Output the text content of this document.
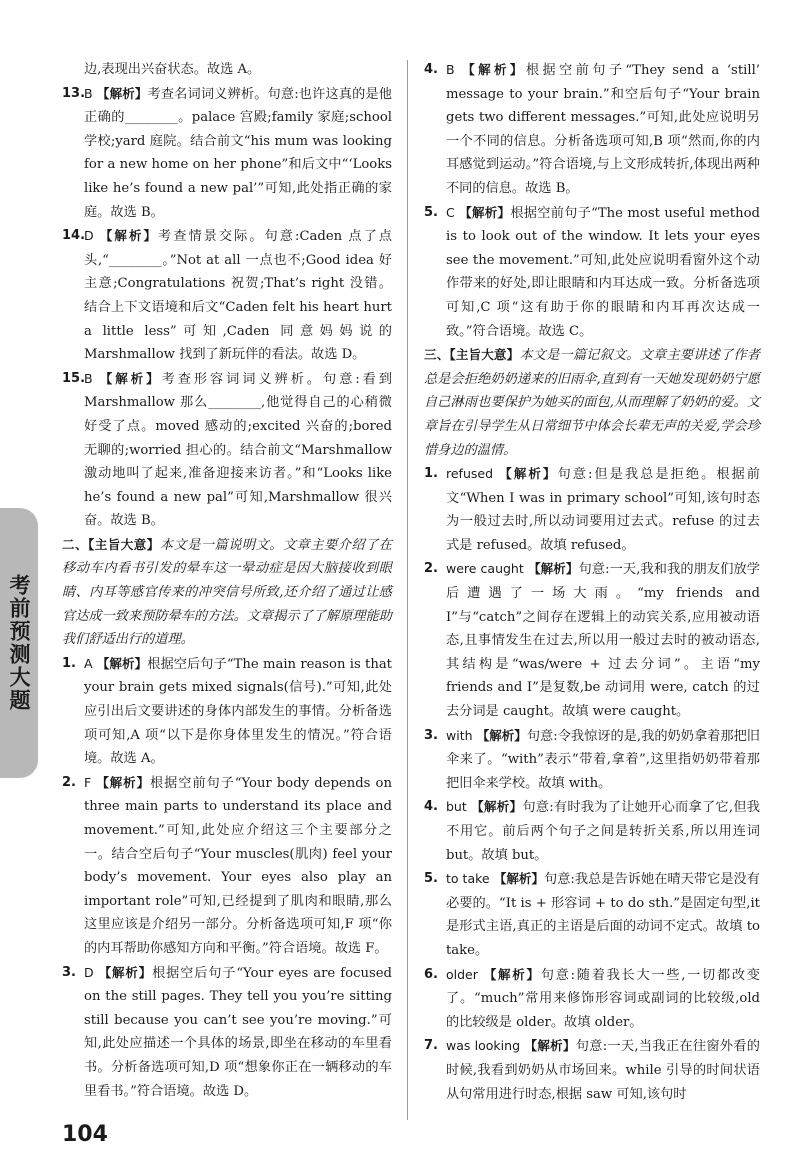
考前预测大题
边,表现出兴奋状态。故选 A。
13.
B 【解析】考查名词词义辨析。句意:也许这真的是他正确的________。palace 宫殿;family 家庭;school 学校;yard 庭院。结合前文“his mum was looking for a new home on her phone”和后文中“‘Looks like he’s found a new pal’”可知,此处指正确的家庭。故选 B。
14.
D 【解析】考查情景交际。句意:Caden 点了点头,“________。”Not at all 一点也不;Good idea 好主意;Congratulations 祝贺;That’s right 没错。结合上下文语境和后文“Caden felt his heart hurt a little less”可知,Caden 同意妈妈说的 Marshmallow 找到了新玩伴的看法。故选 D。
15.
B 【解析】考查形容词词义辨析。句意:看到 Marshmallow 那么________,他觉得自己的心稍微好受了点。moved 感动的;excited 兴奋的;bored 无聊的;worried 担心的。结合前文“Marshmallow 激动地叫了起来,准备迎接来访者。”和“Looks like he’s found a new pal”可知,Marshmallow 很兴奋。故选 B。
二、【主旨大意】本文是一篇说明文。文章主要介绍了在移动车内看书引发的晕车这一晕动症是因大脑接收到眼睛、内耳等感官传来的冲突信号所致,还介绍了通过让感官达成一致来预防晕车的方法。文章揭示了了解原理能助我们舒适出行的道理。
1. A 【解析】根据空后句子“The main reason is that your brain gets mixed signals(信号).”可知,此处应引出后文要讲述的身体内部发生的事情。分析备选项可知,A 项“以下是你身体里发生的情况。”符合语境。故选 A。
2. F 【解析】根据空前句子“Your body depends on three main parts to understand its place and movement.”可知,此处应介绍这三个主要部分之一。结合空后句子“Your muscles(肌肉) feel your body’s movement. Your eyes also play an important role”可知,已经提到了肌肉和眼睛,那么这里应该是介绍另一部分。分析备选项可知,F 项“你的内耳帮助你感知方向和平衡。”符合语境。故选 F。
3. D 【解析】根据空后句子“Your eyes are focused on the still pages. They tell you you’re sitting still because you can’t see you’re moving.”可知,此处应描述一个具体的场景,即坐在移动的车里看书。分析备选项可知,D 项“想象你正在一辆移动的车里看书。”符合语境。故选 D。
4. B 【解析】根据空前句子“They send a ‘still’ message to your brain.”和空后句子“Your brain gets two different messages.”可知,此处应说明另一个不同的信息。分析备选项可知,B 项“然而,你的内耳感觉到运动。”符合语境,与上文形成转折,体现出两种不同的信息。故选 B。
5. C 【解析】根据空前句子“The most useful method is to look out of the window. It lets your eyes see the movement.”可知,此处应说明看窗外这个动作带来的好处,即让眼睛和内耳达成一致。分析备选项可知,C 项“这有助于你的眼睛和内耳再次达成一致。”符合语境。故选 C。
三、【主旨大意】本文是一篇记叙文。文章主要讲述了作者总是会拒绝奶奶递来的旧雨伞,直到有一天她发现奶奶宁愿自己淋雨也要保护为她买的面包,从而理解了奶奶的爱。文章旨在引导学生从日常细节中体会长辈无声的关爱,学会珍惜身边的温情。
1. refused 【解析】句意:但是我总是拒绝。根据前文“When I was in primary school”可知,该句时态为一般过去时,所以动词要用过去式。refuse 的过去式是 refused。故填 refused。
2. were caught 【解析】句意:一天,我和我的朋友们放学后遭遇了一场大雨。“my friends and I”与“catch”之间存在逻辑上的动宾关系,应用被动语态,且事情发生在过去,所以用一般过去时的被动语态,其结构是“was/were + 过去分词”。主语“my friends and I”是复数,be 动词用 were, catch 的过去分词是 caught。故填 were caught。
3. with 【解析】句意:令我惊讶的是,我的奶奶拿着那把旧伞来了。“with”表示“带着,拿着”,这里指奶奶带着那把旧伞来学校。故填 with。
4. but 【解析】句意:有时我为了让她开心而拿了它,但我不用它。前后两个句子之间是转折关系,所以用连词 but。故填 but。
5. to take 【解析】句意:我总是告诉她在晴天带它是没有必要的。“It is + 形容词 + to do sth.”是固定句型,it 是形式主语,真正的主语是后面的动词不定式。故填 to take。
6. older 【解析】句意:随着我长大一些,一切都改变了。“much”常用来修饰形容词或副词的比较级,old 的比较级是 older。故填 older。
7. was looking 【解析】句意:一天,当我正在往窗外看的时候,我看到奶奶从市场回来。while 引导的时间状语从句常用进行时态,根据 saw 可知,该句时
104
